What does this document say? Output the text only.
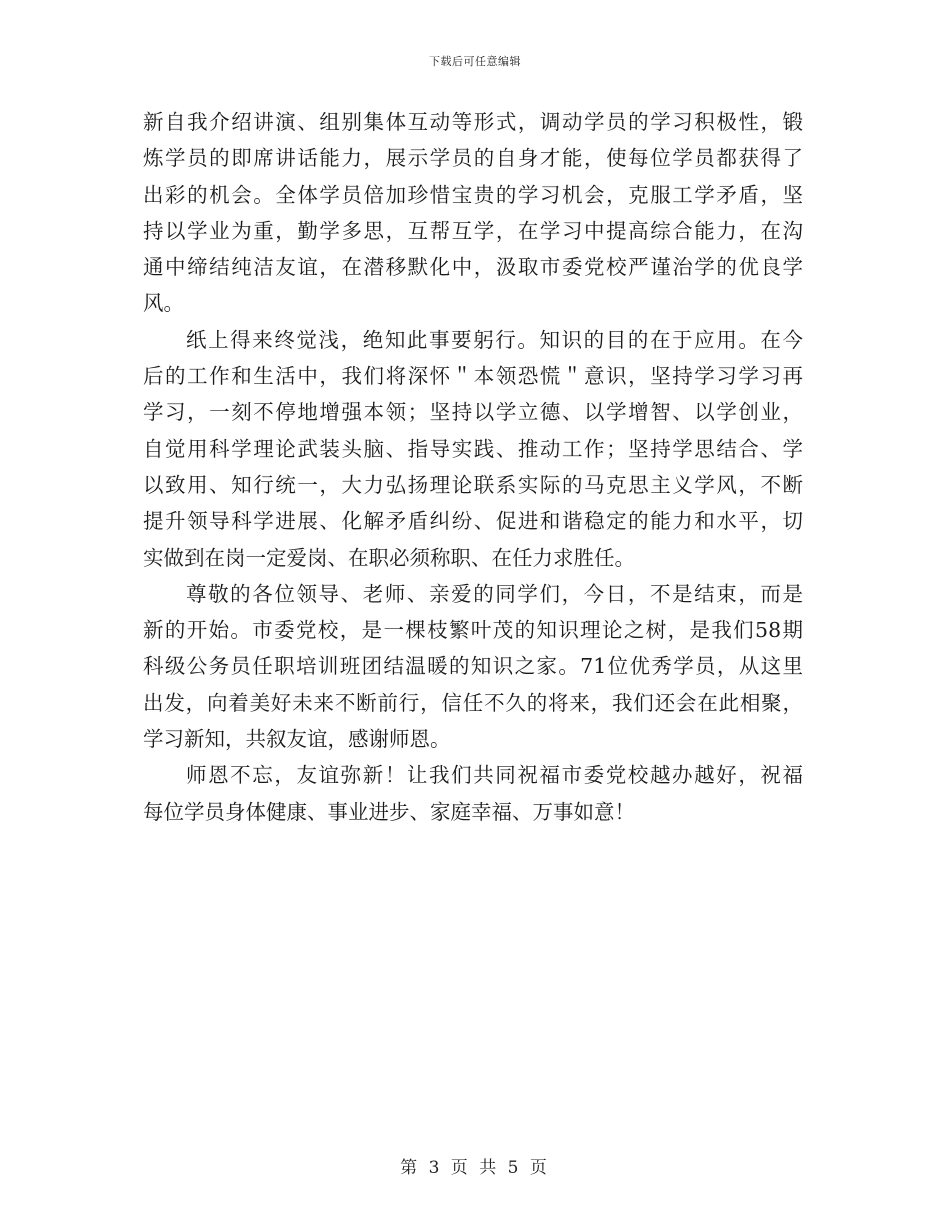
下载后可任意编辑
新自我介绍讲演、组别集体互动等形式，调动学员的学习积极性，锻
炼学员的即席讲话能力，展示学员的自身才能，使每位学员都获得了
出彩的机会。全体学员倍加珍惜宝贵的学习机会，克服工学矛盾，坚
持以学业为重，勤学多思，互帮互学，在学习中提高综合能力，在沟
通中缔结纯洁友谊，在潜移默化中，汲取市委党校严谨治学的优良学
风。
纸上得来终觉浅，绝知此事要躬行。知识的目的在于应用。在今
后的工作和生活中，我们将深怀＂本领恐慌＂意识，坚持学习学习再
学习，一刻不停地增强本领；坚持以学立德、以学增智、以学创业，
自觉用科学理论武装头脑、指导实践、推动工作；坚持学思结合、学
以致用、知行统一，大力弘扬理论联系实际的马克思主义学风，不断
提升领导科学进展、化解矛盾纠纷、促进和谐稳定的能力和水平，切
实做到在岗一定爱岗、在职必须称职、在任力求胜任。
尊敬的各位领导、老师、亲爱的同学们，今日，不是结束，而是
新的开始。市委党校，是一棵枝繁叶茂的知识理论之树，是我们58期
科级公务员任职培训班团结温暖的知识之家。71位优秀学员，从这里
出发，向着美好未来不断前行，信任不久的将来，我们还会在此相聚，
学习新知，共叙友谊，感谢师恩。
师恩不忘，友谊弥新！让我们共同祝福市委党校越办越好，祝福
每位学员身体健康、事业进步、家庭幸福、万事如意！
第 3 页 共 5 页
